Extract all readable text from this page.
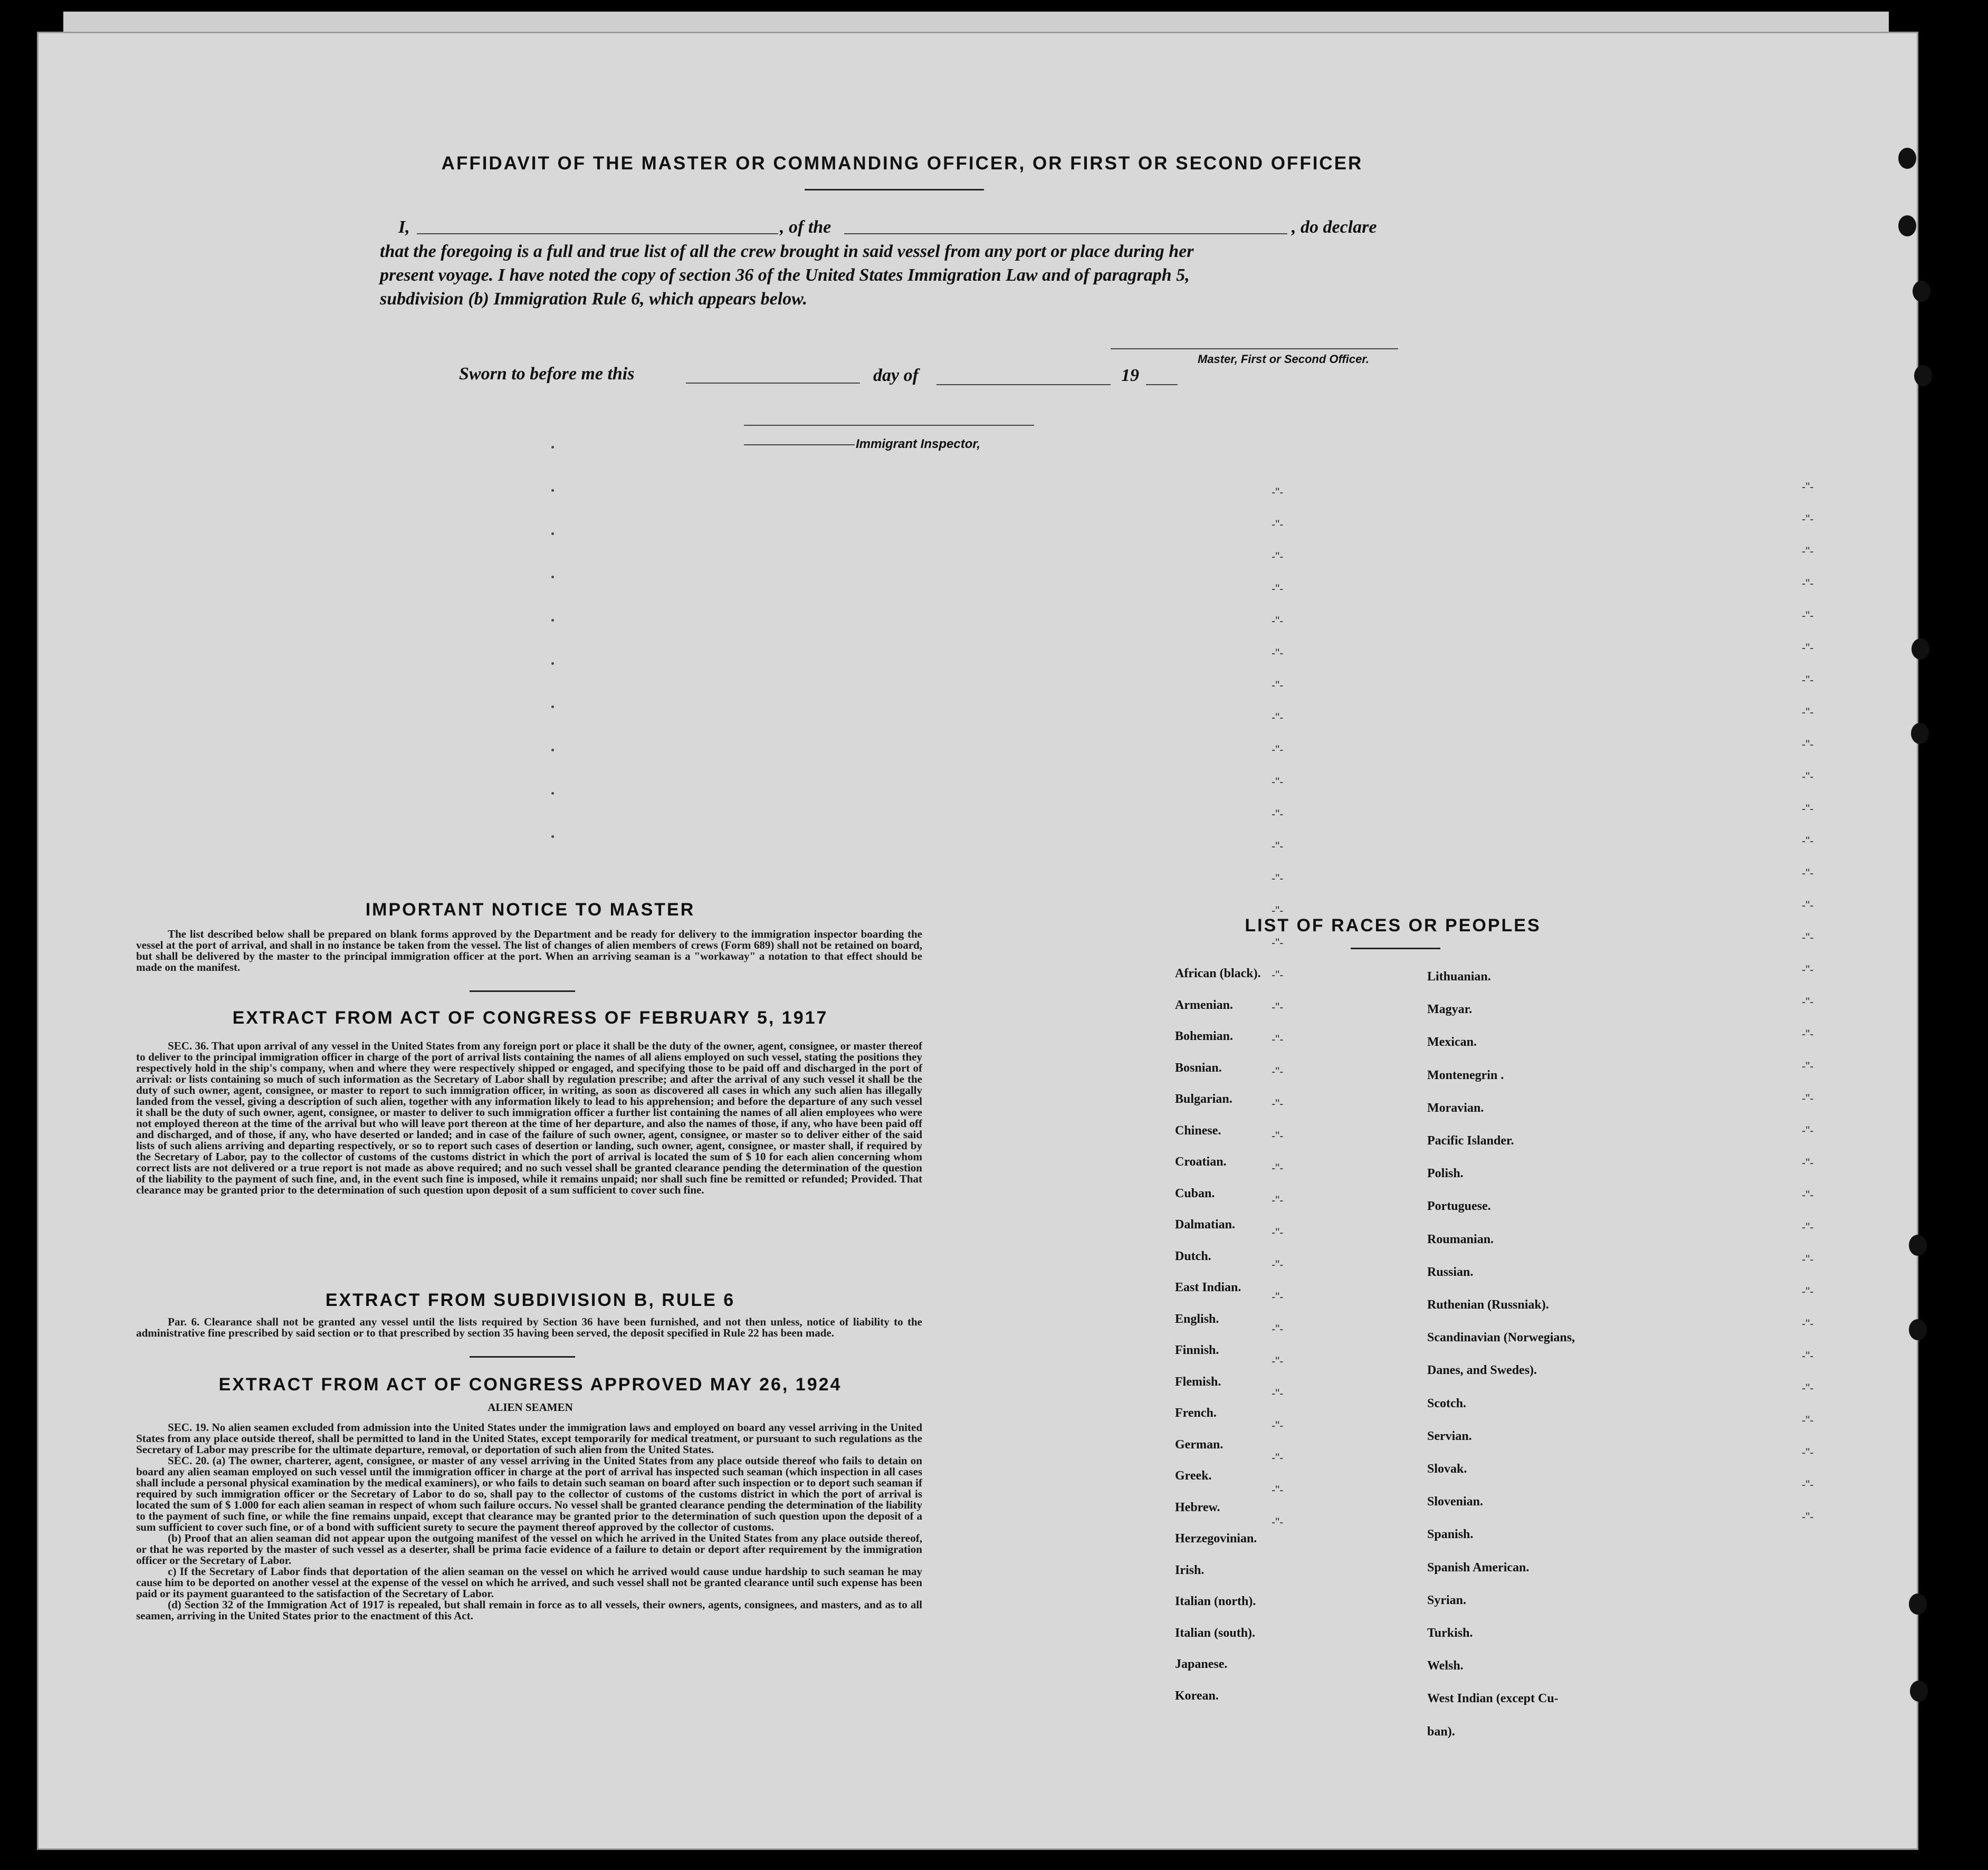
AFFIDAVIT OF THE MASTER OR COMMANDING OFFICER, OR FIRST OR SECOND OFFICER
I,	, of the	, do declare
that the foregoing is a full and true list of all the crew brought in said vessel from any port or place during her
present voyage. I have noted the copy of section 36 of the United States Immigration Law and of paragraph 5,
subdivision (b) Immigration Rule 6, which appears below.
Master, First or Second Officer.
Sworn to before me this	day of	19
Immigrant Inspector,
-"-	-"-
-"-	-"-
-"-	-"-
-"-	-"-
-"-	-"-
-"-	-"-
-"-	-"-
-"-	-"-
-"-	-"-
-"-	-"-
-"-	-"-
-"-	-"-
-"-	-"-
-"-	-"-
-"-	-"-
-"-	-"-
-"-	-"-
-"-	-"-
-"-	-"-
-"-	-"-
-"-	-"-
-"-	-"-
-"-	-"-
-"-	-"-
-"-	-"-
-"-	-"-
-"-	-"-
-"-	-"-
-"-	-"-
-"-	-"-
-"-	-"-
-"-	-"-
-"-	-"-
IMPORTANT NOTICE TO MASTER

The list described below shall be prepared on blank forms approved by the Department and be ready for delivery to the immigration inspector boarding the vessel at the port of arrival, and shall in no instance be taken from the vessel. The list of changes of alien members of crews (Form 689) shall not be retained on board, but shall be delivered by the master to the principal immigration officer at the port. When an arriving seaman is a "workaway" a notation to that effect should be made on the manifest.

EXTRACT FROM ACT OF CONGRESS OF FEBRUARY 5, 1917

SEC. 36. That upon arrival of any vessel in the United States from any foreign port or place it shall be the duty of the owner, agent, consignee, or master thereof to deliver to the principal immigration officer in charge of the port of arrival lists containing the names of all aliens employed on such vessel, stating the positions they respectively hold in the ship's company, when and where they were respectively shipped or engaged, and specifying those to be paid off and discharged in the port of arrival: or lists containing so much of such information as the Secretary of Labor shall by regulation prescribe; and after the arrival of any such vessel it shall be the duty of such owner, agent, consignee, or master to report to such immigration officer, in writing, as soon as discovered all cases in which any such alien has illegally landed from the vessel, giving a description of such alien, together with any information likely to lead to his apprehension; and before the departure of any such vessel it shall be the duty of such owner, agent, consignee, or master to deliver to such immigration officer a further list containing the names of all alien employees who were not employed thereon at the time of the arrival but who will leave port thereon at the time of her departure, and also the names of those, if any, who have been paid off and discharged, and of those, if any, who have deserted or landed; and in case of the failure of such owner, agent, consignee, or master so to deliver either of the said lists of such aliens arriving and departing respectively, or so to report such cases of desertion or landing, such owner, agent, consignee, or master shall, if required by the Secretary of Labor, pay to the collector of customs of the customs district in which the port of arrival is located the sum of $ 10 for each alien concerning whom correct lists are not delivered or a true report is not made as above required; and no such vessel shall be granted clearance pending the determination of the question of the liability to the payment of such fine, and, in the event such fine is imposed, while it remains unpaid; nor shall such fine be remitted or refunded; Provided. That clearance may be granted prior to the determination of such question upon deposit of a sum sufficient to cover such fine.

EXTRACT FROM SUBDIVISION B, RULE 6

Par. 6. Clearance shall not be granted any vessel until the lists required by Section 36 have been furnished, and not then unless, notice of liability to the administrative fine prescribed by said section or to that prescribed by section 35 having been served, the deposit specified in Rule 22 has been made.

EXTRACT FROM ACT OF CONGRESS APPROVED MAY 26, 1924
ALIEN SEAMEN

SEC. 19. No alien seamen excluded from admission into the United States under the immigration laws and employed on board any vessel arriving in the United States from any place outside thereof, shall be permitted to land in the United States, except temporarily for medical treatment, or pursuant to such regulations as the Secretary of Labor may prescribe for the ultimate departure, removal, or deportation of such alien from the United States.

SEC. 20. (a) The owner, charterer, agent, consignee, or master of any vessel arriving in the United States from any place outside thereof who fails to detain on board any alien seaman employed on such vessel until the immigration officer in charge at the port of arrival has inspected such seaman (which inspection in all cases shall include a personal physical examination by the medical examiners), or who fails to detain such seaman on board after such inspection or to deport such seaman if required by such immigration officer or the Secretary of Labor to do so, shall pay to the collector of customs of the customs district in which the port of arrival is located the sum of $ 1.000 for each alien seaman in respect of whom such failure occurs. No vessel shall be granted clearance pending the determination of the liability to the payment of such fine, or while the fine remains unpaid, except that clearance may be granted prior to the determination of such question upon the deposit of a sum sufficient to cover such fine, or of a bond with sufficient surety to secure the payment thereof approved by the collector of customs.

(b) Proof that an alien seaman did not appear upon the outgoing manifest of the vessel on which he arrived in the United States from any place outside thereof, or that he was reported by the master of such vessel as a deserter, shall be prima facie evidence of a failure to detain or deport after requirement by the immigration officer or the Secretary of Labor.

c) If the Secretary of Labor finds that deportation of the alien seaman on the vessel on which he arrived would cause undue hardship to such seaman he may cause him to be deported on another vessel at the expense of the vessel on which he arrived, and such vessel shall not be granted clearance until such expense has been paid or its payment guaranteed to the satisfaction of the Secretary of Labor.

(d) Section 32 of the Immigration Act of 1917 is repealed, but shall remain in force as to all vessels, their owners, agents, consignees, and masters, and as to all seamen, arriving in the United States prior to the enactment of this Act.

LIST OF RACES OR PEOPLES
African (black).
Armenian.
Bohemian.
Bosnian.
Bulgarian.
Chinese.
Croatian.
Cuban.
Dalmatian.
Dutch.
East Indian.
English.
Finnish.
Flemish.
French.
German.
Greek.
Hebrew.
Herzegovinian.
Irish.
Italian (north).
Italian (south).
Japanese.
Korean.
Lithuanian.
Magyar.
Mexican.
Montenegrin .
Moravian.
Pacific Islander.
Polish.
Portuguese.
Roumanian.
Russian.
Ruthenian (Russniak).
Scandinavian (Norwegians,
Danes, and Swedes).
Scotch.
Servian.
Slovak.
Slovenian.
Spanish.
Spanish American.
Syrian.
Turkish.
Welsh.
West Indian (except Cu-
ban).
